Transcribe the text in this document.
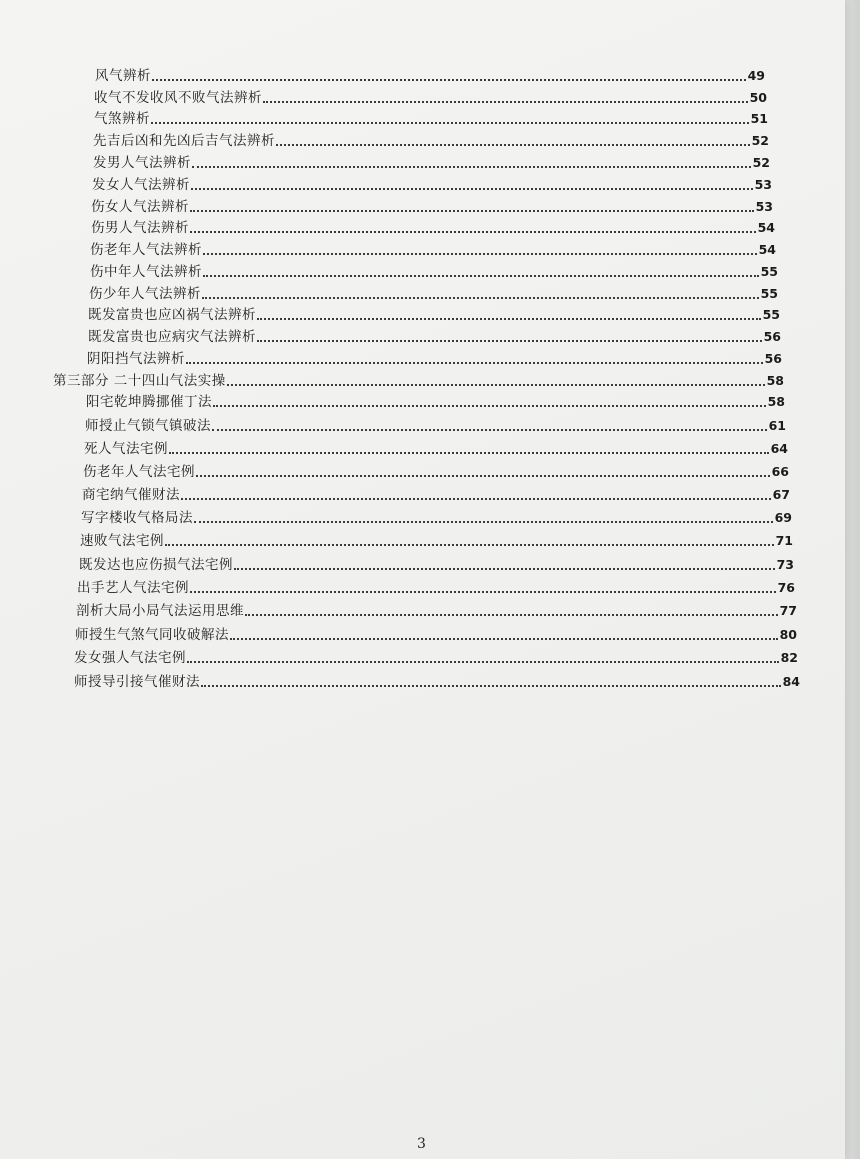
风气辨析	49
收气不发收风不败气法辨析	50
气煞辨析	51
先吉后凶和先凶后吉气法辨析	52
发男人气法辨析	52
发女人气法辨析	53
伤女人气法辨析	53
伤男人气法辨析	54
伤老年人气法辨析	54
伤中年人气法辨析	55
伤少年人气法辨析	55
既发富贵也应凶祸气法辨析	55
既发富贵也应病灾气法辨析	56
阴阳挡气法辨析	56
第三部分 二十四山气法实操	58
阳宅乾坤腾挪催丁法	58
师授止气锁气镇破法	61
死人气法宅例	64
伤老年人气法宅例	66
商宅纳气催财法	67
写字楼收气格局法	69
速败气法宅例	71
既发达也应伤损气法宅例	73
出手艺人气法宅例	76
剖析大局小局气法运用思维	77
师授生气煞气同收破解法	80
发女强人气法宅例	82
师授导引接气催财法	84
3
